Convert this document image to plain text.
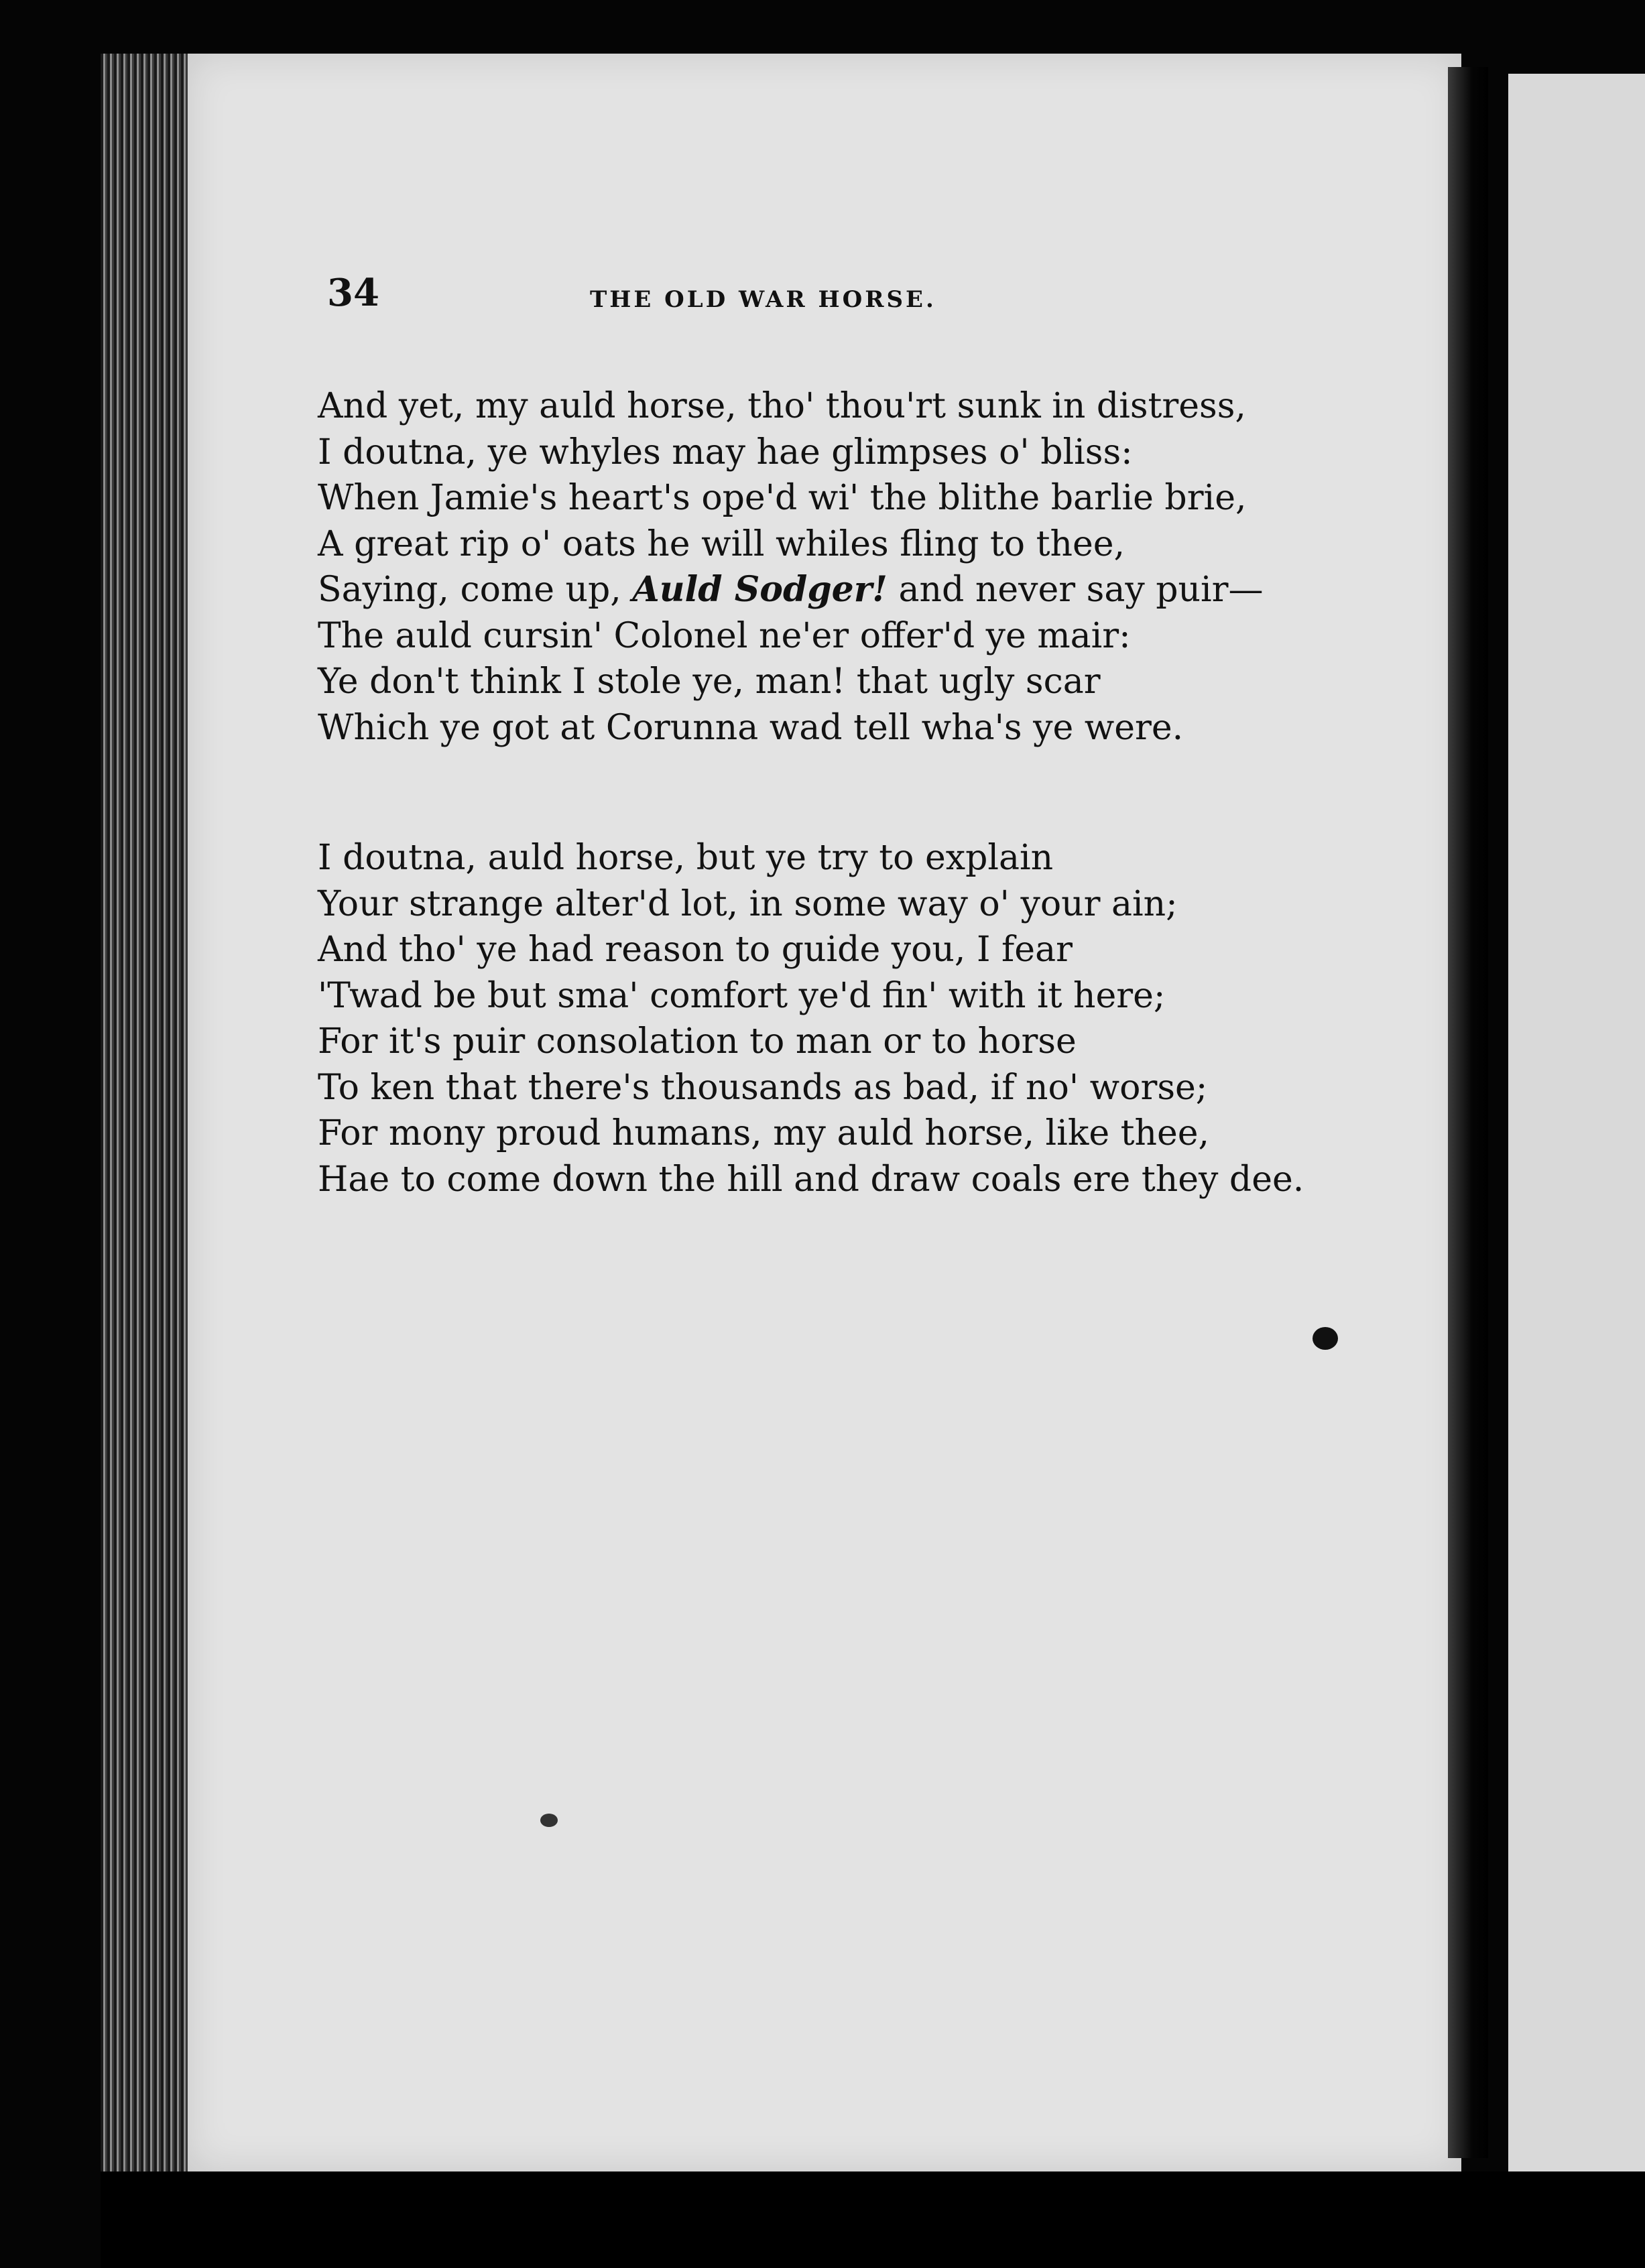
34	THE OLD WAR HORSE.
And yet, my auld horse, tho' thou'rt sunk in distress,
I doutna, ye whyles may hae glimpses o' bliss:
When Jamie's heart's ope'd wi' the blithe barlie brie,
A great rip o' oats he will whiles fling to thee,
Saying, come up, Auld Sodger! and never say puir—
The auld cursin' Colonel ne'er offer'd ye mair:
Ye don't think I stole ye, man! that ugly scar
Which ye got at Corunna wad tell wha's ye were.
I doutna, auld horse, but ye try to explain
Your strange alter'd lot, in some way o' your ain;
And tho' ye had reason to guide you, I fear
'Twad be but sma' comfort ye'd fin' with it here;
For it's puir consolation to man or to horse
To ken that there's thousands as bad, if no' worse;
For mony proud humans, my auld horse, like thee,
Hae to come down the hill and draw coals ere they dee.
